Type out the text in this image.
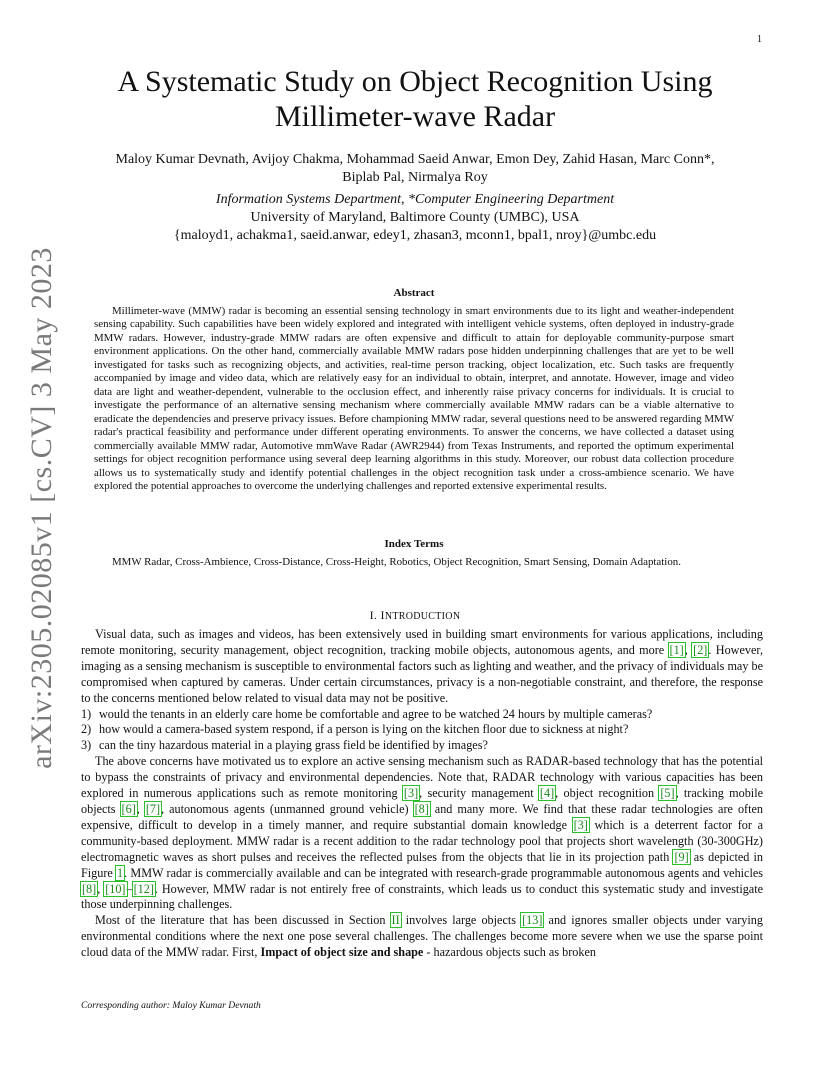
1
arXiv:2305.02085v1 [cs.CV] 3 May 2023
A Systematic Study on Object Recognition Using
Millimeter-wave Radar
Maloy Kumar Devnath, Avijoy Chakma, Mohammad Saeid Anwar, Emon Dey, Zahid Hasan, Marc Conn*,
Biplab Pal, Nirmalya Roy
Information Systems Department, *Computer Engineering Department
University of Maryland, Baltimore County (UMBC), USA
{maloyd1, achakma1, saeid.anwar, edey1, zhasan3, mconn1, bpal1, nroy}@umbc.edu
Abstract

Millimeter-wave (MMW) radar is becoming an essential sensing technology in smart environments due to its light and weather-independent sensing capability. Such capabilities have been widely explored and integrated with intelligent vehicle systems, often deployed in industry-grade MMW radars. However, industry-grade MMW radars are often expensive and difficult to attain for deployable community-purpose smart environment applications. On the other hand, commercially available MMW radars pose hidden underpinning challenges that are yet to be well investigated for tasks such as recognizing objects, and activities, real-time person tracking, object localization, etc. Such tasks are frequently accompanied by image and video data, which are relatively easy for an individual to obtain, interpret, and annotate. However, image and video data are light and weather-dependent, vulnerable to the occlusion effect, and inherently raise privacy concerns for individuals. It is crucial to investigate the performance of an alternative sensing mechanism where commercially available MMW radars can be a viable alternative to eradicate the dependencies and preserve privacy issues. Before championing MMW radar, several questions need to be answered regarding MMW radar's practical feasibility and performance under different operating environments. To answer the concerns, we have collected a dataset using commercially available MMW radar, Automotive mmWave Radar (AWR2944) from Texas Instruments, and reported the optimum experimental settings for object recognition performance using several deep learning algorithms in this study. Moreover, our robust data collection procedure allows us to systematically study and identify potential challenges in the object recognition task under a cross-ambience scenario. We have explored the potential approaches to overcome the underlying challenges and reported extensive experimental results.

Index Terms

MMW Radar, Cross-Ambience, Cross-Distance, Cross-Height, Robotics, Object Recognition, Smart Sensing, Domain Adaptation.

I. INTRODUCTION

Visual data, such as images and videos, has been extensively used in building smart environments for various applications, including remote monitoring, security management, object recognition, tracking mobile objects, autonomous agents, and more [1], [2]. However, imaging as a sensing mechanism is susceptible to environmental factors such as lighting and weather, and the privacy of individuals may be compromised when captured by cameras. Under certain circumstances, privacy is a non-negotiable constraint, and therefore, the response to the concerns mentioned below related to visual data may not be positive.

1) would the tenants in an elderly care home be comfortable and agree to be watched 24 hours by multiple cameras?
2) how would a camera-based system respond, if a person is lying on the kitchen floor due to sickness at night?
3) can the tiny hazardous material in a playing grass field be identified by images?

The above concerns have motivated us to explore an active sensing mechanism such as RADAR-based technology that has the potential to bypass the constraints of privacy and environmental dependencies. Note that, RADAR technology with various capacities has been explored in numerous applications such as remote monitoring [3], security management [4], object recognition [5], tracking mobile objects [6], [7], autonomous agents (unmanned ground vehicle) [8] and many more. We find that these radar technologies are often expensive, difficult to develop in a timely manner, and require substantial domain knowledge [3] which is a deterrent factor for a community-based deployment. MMW radar is a recent addition to the radar technology pool that projects short wavelength (30-300GHz) electromagnetic waves as short pulses and receives the reflected pulses from the objects that lie in its projection path [9] as depicted in Figure 1. MMW radar is commercially available and can be integrated with research-grade programmable autonomous agents and vehicles [8], [10]–[12]. However, MMW radar is not entirely free of constraints, which leads us to conduct this systematic study and investigate those underpinning challenges.

Most of the literature that has been discussed in Section II involves large objects [13] and ignores smaller objects under varying environmental conditions where the next one pose several challenges. The challenges become more severe when we use the sparse point cloud data of the MMW radar. First, Impact of object size and shape - hazardous objects such as broken

Corresponding author: Maloy Kumar Devnath
